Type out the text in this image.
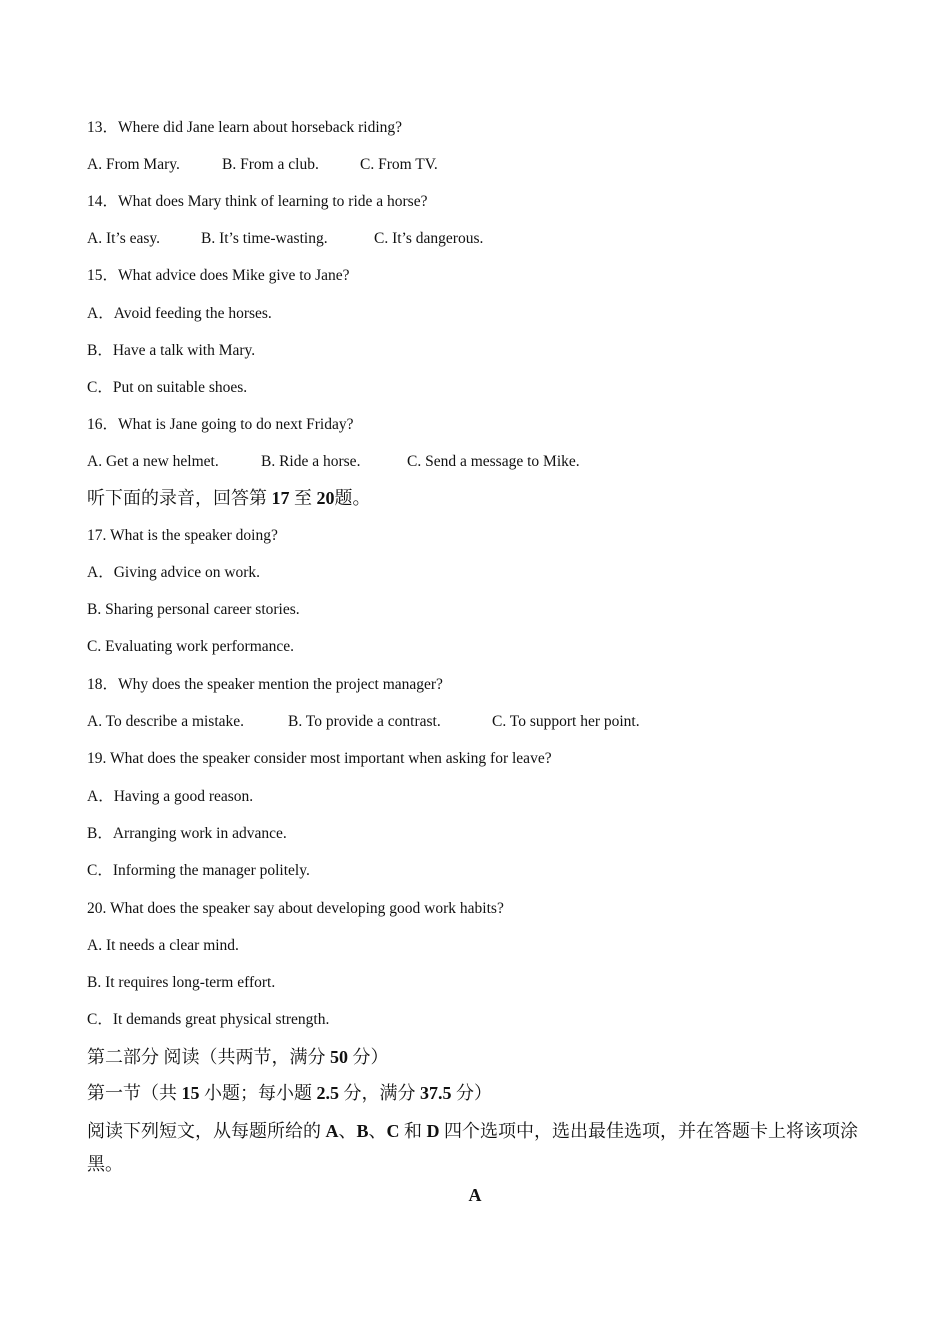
13．Where did Jane learn about horseback riding?
A. From Mary.	B. From a club.	C. From TV.
14．What does Mary think of learning to ride a horse?
A. It’s easy.	B. It’s time-wasting.	C. It’s dangerous.
15．What advice does Mike give to Jane?
A．Avoid feeding the horses.
B．Have a talk with Mary.
C．Put on suitable shoes.
16．What is Jane going to do next Friday?
A. Get a new helmet.	B. Ride a horse.	C. Send a message to Mike.
听下面的录音，回答第 17 至 20题。
17. What is the speaker doing?
A．Giving advice on work.
B. Sharing personal career stories.
C. Evaluating work performance.
18．Why does the speaker mention the project manager?
A. To describe a mistake.	B. To provide a contrast.	C. To support her point.
19. What does the speaker consider most important when asking for leave?
A．Having a good reason.
B．Arranging work in advance.
C．Informing the manager politely.
20. What does the speaker say about developing good work habits?
A. It needs a clear mind.
B. It requires long-term effort.
C．It demands great physical strength.
第二部分 阅读（共两节，满分 50 分）
第一节（共 15 小题；每小题 2.5 分，满分 37.5 分）
阅读下列短文，从每题所给的 A、B、C 和 D 四个选项中，选出最佳选项，并在答题卡上将该项涂黑。
A
